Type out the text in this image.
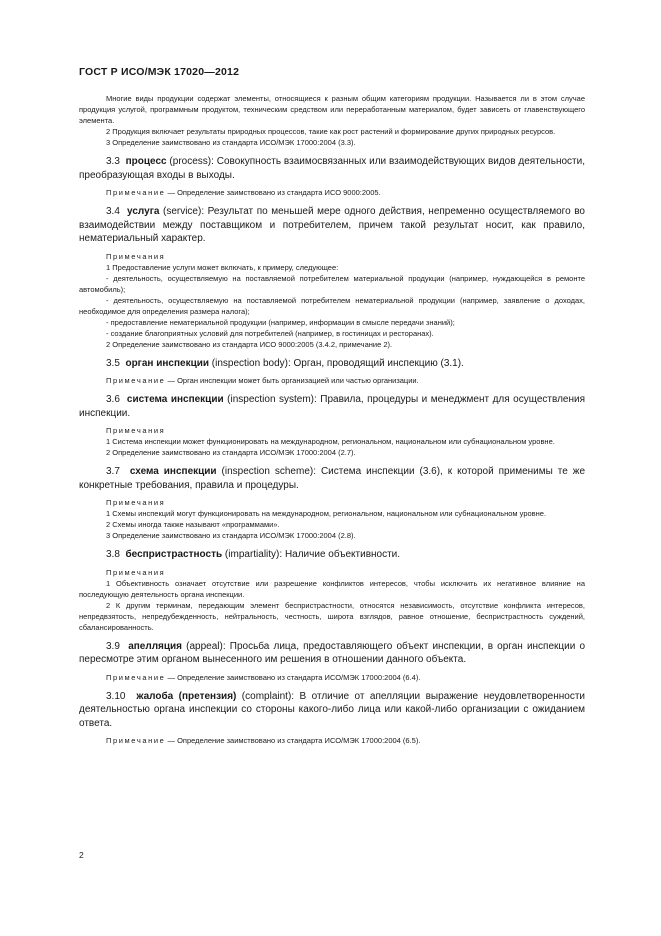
ГОСТ Р ИСО/МЭК 17020—2012

Многие виды продукции содержат элементы, относящиеся к разным общим категориям продукции. Называется ли в этом случае продукция услугой, программным продуктом, техническим средством или переработанным материалом, будет зависеть от главенствующего элемента.

2 Продукция включает результаты природных процессов, такие как рост растений и формирование других природных ресурсов.

3 Определение заимствовано из стандарта ИСО/МЭК 17000:2004 (3.3).

3.3 процесс (process): Совокупность взаимосвязанных или взаимодействующих видов деятельности, преобразующая входы в выходы.

Примечание — Определение заимствовано из стандарта ИСО 9000:2005.

3.4 услуга (service): Результат по меньшей мере одного действия, непременно осуществляемого во взаимодействии между поставщиком и потребителем, причем такой результат носит, как правило, нематериальный характер.

Примечания

1 Предоставление услуги может включать, к примеру, следующее:

- деятельность, осуществляемую на поставляемой потребителем материальной продукции (например, нуждающейся в ремонте автомобиль);

- деятельность, осуществляемую на поставляемой потребителем нематериальной продукции (например, заявление о доходах, необходимое для определения размера налога);

- предоставление нематериальной продукции (например, информации в смысле передачи знаний);

- создание благоприятных условий для потребителей (например, в гостиницах и ресторанах).

2 Определение заимствовано из стандарта ИСО 9000:2005 (3.4.2, примечание 2).

3.5 орган инспекции (inspection body): Орган, проводящий инспекцию (3.1).

Примечание — Орган инспекции может быть организацией или частью организации.

3.6 система инспекции (inspection system): Правила, процедуры и менеджмент для осуществления инспекции.

Примечания

1 Система инспекции может функционировать на международном, региональном, национальном или субнациональном уровне.

2 Определение заимствовано из стандарта ИСО/МЭК 17000:2004 (2.7).

3.7 схема инспекции (inspection scheme): Система инспекции (3.6), к которой применимы те же конкретные требования, правила и процедуры.

Примечания

1 Схемы инспекций могут функционировать на международном, региональном, национальном или субнациональном уровне.

2 Схемы иногда также называют «программами».

3 Определение заимствовано из стандарта ИСО/МЭК 17000:2004 (2.8).

3.8 беспристрастность (impartiality): Наличие объективности.

Примечания

1 Объективность означает отсутствие или разрешение конфликтов интересов, чтобы исключить их негативное влияние на последующую деятельность органа инспекции.

2 К другим терминам, передающим элемент беспристрастности, относятся независимость, отсутствие конфликта интересов, непредвзятость, непредубежденность, нейтральность, честность, широта взглядов, равное отношение, беспристрастность суждений, сбалансированность.

3.9 апелляция (appeal): Просьба лица, предоставляющего объект инспекции, в орган инспекции о пересмотре этим органом вынесенного им решения в отношении данного объекта.

Примечание — Определение заимствовано из стандарта ИСО/МЭК 17000:2004 (6.4).

3.10 жалоба (претензия) (complaint): В отличие от апелляции выражение неудовлетворенности деятельностью органа инспекции со стороны какого-либо лица или какой-либо организации с ожиданием ответа.

Примечание — Определение заимствовано из стандарта ИСО/МЭК 17000:2004 (6.5).

2
